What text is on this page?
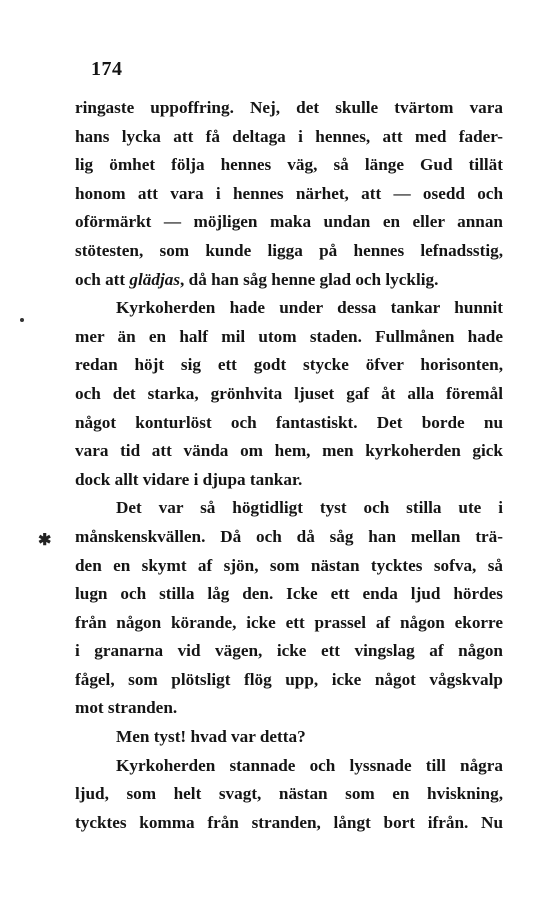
174
✱
ringaste uppoffring. Nej, det skulle tvärtom vara
hans lycka att få deltaga i hennes, att med fader-
lig ömhet följa hennes väg, så länge Gud tillät
honom att vara i hennes närhet, att — osedd och
oförmärkt — möjligen maka undan en eller annan
stötesten, som kunde ligga på hennes lefnadsstig,
och att glädjas, då han såg henne glad och lycklig.
Kyrkoherden hade under dessa tankar hunnit
mer än en half mil utom staden. Fullmånen hade
redan höjt sig ett godt stycke öfver horisonten,
och det starka, grönhvita ljuset gaf åt alla föremål
något konturlöst och fantastiskt. Det borde nu
vara tid att vända om hem, men kyrkoherden gick
dock allt vidare i djupa tankar.
Det var så högtidligt tyst och stilla ute i
månskenskvällen. Då och då såg han mellan trä-
den en skymt af sjön, som nästan tycktes sofva, så
lugn och stilla låg den. Icke ett enda ljud hördes
från någon körande, icke ett prassel af någon ekorre
i granarna vid vägen, icke ett vingslag af någon
fågel, som plötsligt flög upp, icke något vågskvalp
mot stranden.
Men tyst! hvad var detta?
Kyrkoherden stannade och lyssnade till några
ljud, som helt svagt, nästan som en hviskning,
tycktes komma från stranden, långt bort ifrån. Nu
